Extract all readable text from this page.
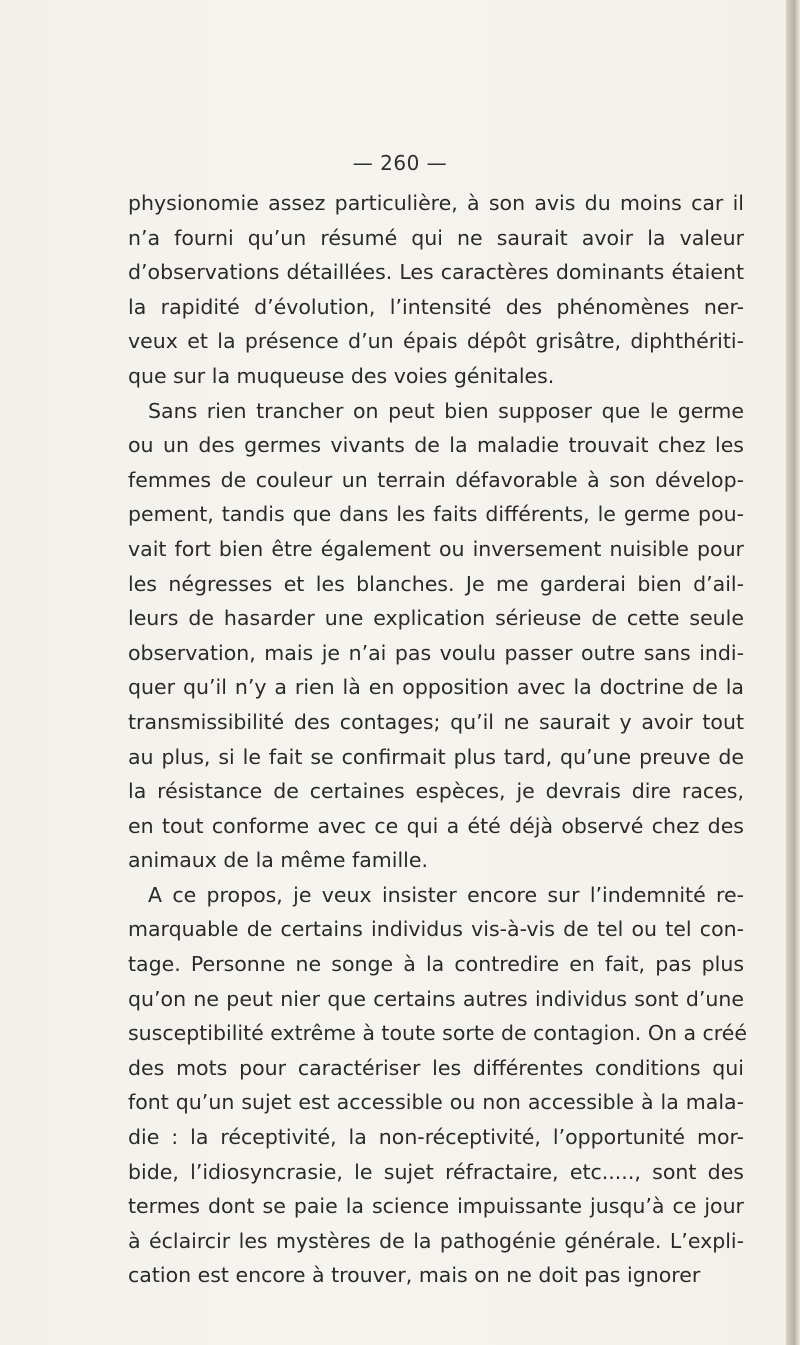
— 260 —
physionomie assez particulière, à son avis du moins car il
n’a fourni qu’un résumé qui ne saurait avoir la valeur
d’observations détaillées. Les caractères dominants étaient
la rapidité d’évolution, l’intensité des phénomènes ner-
veux et la présence d’un épais dépôt grisâtre, diphthériti-
que sur la muqueuse des voies génitales.
Sans rien trancher on peut bien supposer que le germe
ou un des germes vivants de la maladie trouvait chez les
femmes de couleur un terrain défavorable à son dévelop-
pement, tandis que dans les faits différents, le germe pou-
vait fort bien être également ou inversement nuisible pour
les négresses et les blanches. Je me garderai bien d’ail-
leurs de hasarder une explication sérieuse de cette seule
observation, mais je n’ai pas voulu passer outre sans indi-
quer qu’il n’y a rien là en opposition avec la doctrine de la
transmissibilité des contages; qu’il ne saurait y avoir tout
au plus, si le fait se confirmait plus tard, qu’une preuve de
la résistance de certaines espèces, je devrais dire races,
en tout conforme avec ce qui a été déjà observé chez des
animaux de la même famille.
A ce propos, je veux insister encore sur l’indemnité re-
marquable de certains individus vis-à-vis de tel ou tel con-
tage. Personne ne songe à la contredire en fait, pas plus
qu’on ne peut nier que certains autres individus sont d’une
susceptibilité extrême à toute sorte de contagion. On a créé
des mots pour caractériser les différentes conditions qui
font qu’un sujet est accessible ou non accessible à la mala-
die : la réceptivité, la non-réceptivité, l’opportunité mor-
bide, l’idiosyncrasie, le sujet réfractaire, etc....., sont des
termes dont se paie la science impuissante jusqu’à ce jour
à éclaircir les mystères de la pathogénie générale. L’expli-
cation est encore à trouver, mais on ne doit pas ignorer
